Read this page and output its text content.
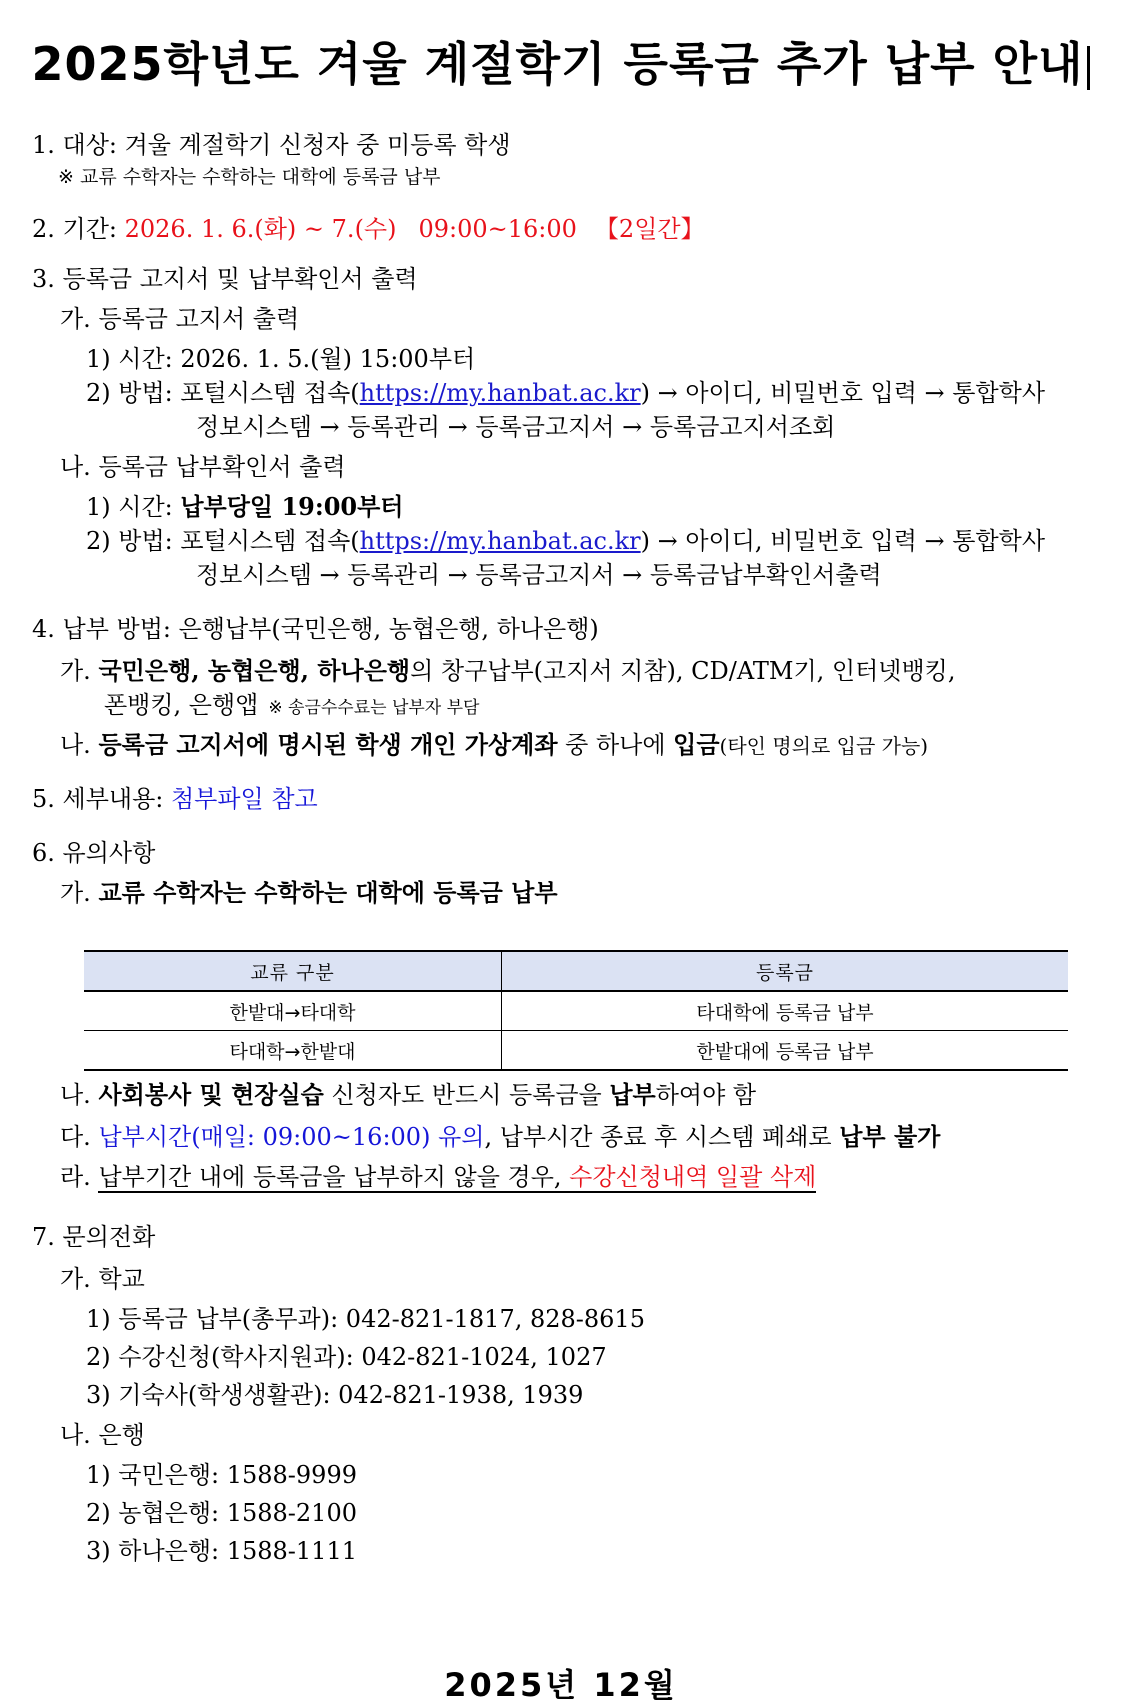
2025학년도 겨울 계절학기 등록금 추가 납부 안내
1. 대상: 겨울 계절학기 신청자 중 미등록 학생
※ 교류 수학자는 수학하는 대학에 등록금 납부
2. 기간: 2026. 1. 6.(화) ~ 7.(수) 09:00~16:00 【2일간】
3. 등록금 고지서 및 납부확인서 출력
가. 등록금 고지서 출력
1) 시간: 2026. 1. 5.(월) 15:00부터
2) 방법: 포털시스템 접속(https://my.hanbat.ac.kr) → 아이디, 비밀번호 입력 → 통합학사
정보시스템 → 등록관리 → 등록금고지서 → 등록금고지서조회
나. 등록금 납부확인서 출력
1) 시간: 납부당일 19:00부터
2) 방법: 포털시스템 접속(https://my.hanbat.ac.kr) → 아이디, 비밀번호 입력 → 통합학사
정보시스템 → 등록관리 → 등록금고지서 → 등록금납부확인서출력
4. 납부 방법: 은행납부(국민은행, 농협은행, 하나은행)
가. 국민은행, 농협은행, 하나은행의 창구납부(고지서 지참), CD/ATM기, 인터넷뱅킹,
폰뱅킹, 은행앱 ※ 송금수수료는 납부자 부담
나. 등록금 고지서에 명시된 학생 개인 가상계좌 중 하나에 입금(타인 명의로 입금 가능)
5. 세부내용: 첨부파일 참고
6. 유의사항
가. 교류 수학자는 수학하는 대학에 등록금 납부
교류 구분	등록금
한밭대→타대학	타대학에 등록금 납부
타대학→한밭대	한밭대에 등록금 납부
나. 사회봉사 및 현장실습 신청자도 반드시 등록금을 납부하여야 함
다. 납부시간(매일: 09:00~16:00) 유의, 납부시간 종료 후 시스템 폐쇄로 납부 불가
라. 납부기간 내에 등록금을 납부하지 않을 경우, 수강신청내역 일괄 삭제
7. 문의전화
가. 학교
1) 등록금 납부(총무과): 042-821-1817, 828-8615
2) 수강신청(학사지원과): 042-821-1024, 1027
3) 기숙사(학생생활관): 042-821-1938, 1939
나. 은행
1) 국민은행: 1588-9999
2) 농협은행: 1588-2100
3) 하나은행: 1588-1111
2025년 12월
